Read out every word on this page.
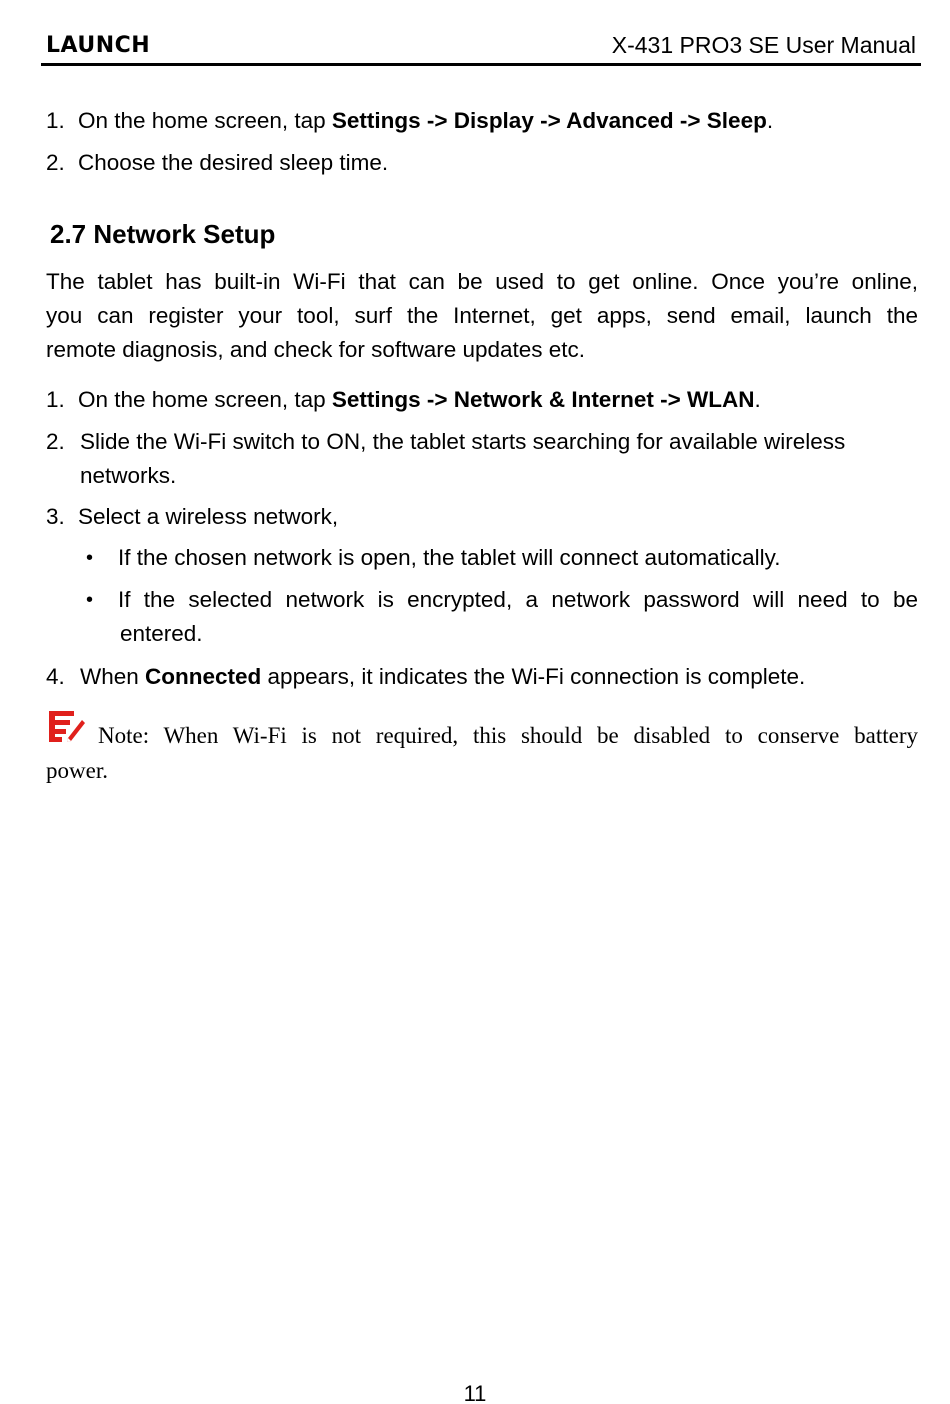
LAUNCH	X-431 PRO3 SE User Manual
1. On the home screen, tap Settings -> Display -> Advanced -> Sleep.
2. Choose the desired sleep time.
2.7 Network Setup
The tablet has built-in Wi-Fi that can be used to get online. Once you’re online,
you can register your tool, surf the Internet, get apps, send email, launch the
remote diagnosis, and check for software updates etc.
1. On the home screen, tap Settings -> Network & Internet -> WLAN.
2. Slide the Wi-Fi switch to ON, the tablet starts searching for available wireless
networks.
3. Select a wireless network,
• If the chosen network is open, the tablet will connect automatically.
• If the selected network is encrypted, a network password will need to be
entered.
4. When Connected appears, it indicates the Wi-Fi connection is complete.
Note: When Wi-Fi is not required, this should be disabled to conserve battery
power.
11
